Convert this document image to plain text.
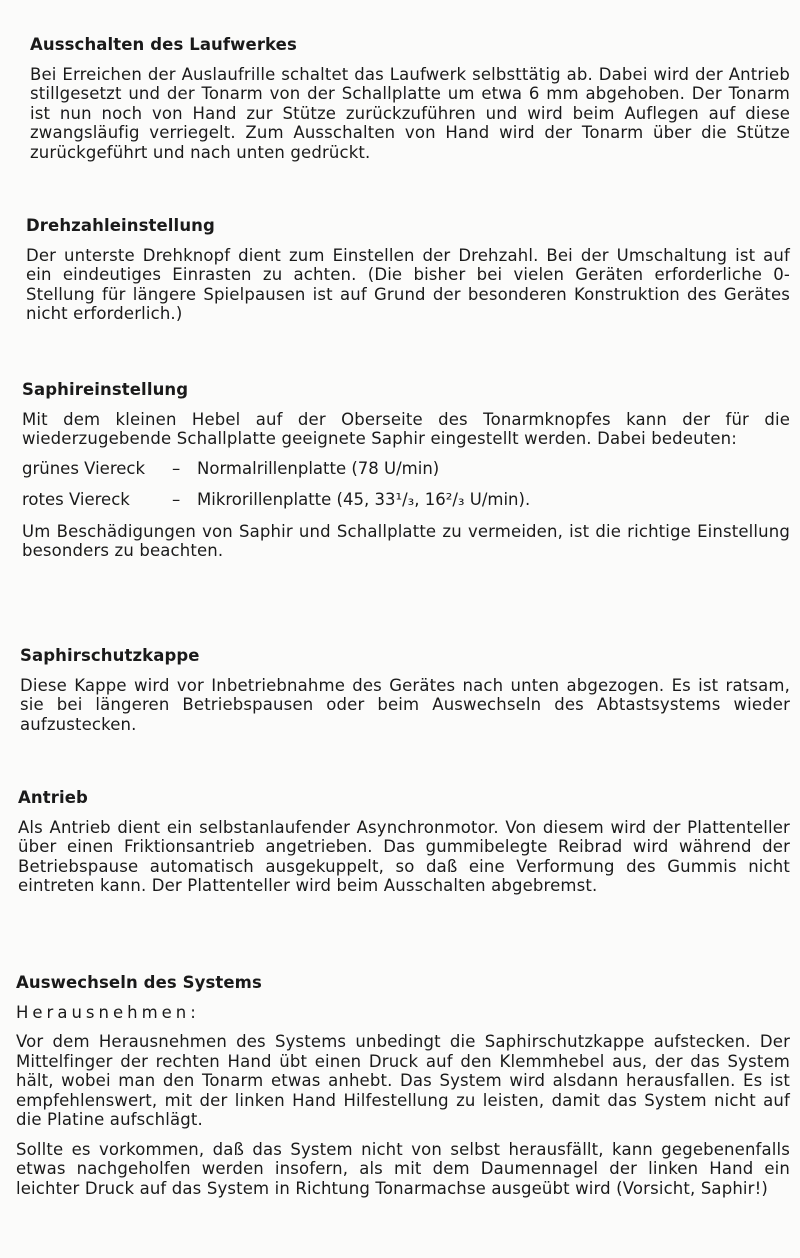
Ausschalten des Laufwerkes

Bei Erreichen der Auslaufrille schaltet das Laufwerk selbsttätig ab. Dabei wird der Antrieb stillgesetzt und der Tonarm von der Schallplatte um etwa 6 mm abgehoben. Der Tonarm ist nun noch von Hand zur Stütze zurückzuführen und wird beim Auflegen auf diese zwangsläufig verriegelt. Zum Ausschalten von Hand wird der Tonarm über die Stütze zurückgeführt und nach unten gedrückt.

Drehzahleinstellung

Der unterste Drehknopf dient zum Einstellen der Drehzahl. Bei der Umschaltung ist auf ein eindeutiges Einrasten zu achten. (Die bisher bei vielen Geräten erforderliche 0-Stellung für längere Spielpausen ist auf Grund der besonderen Konstruktion des Gerätes nicht erforderlich.)

Saphireinstellung

Mit dem kleinen Hebel auf der Oberseite des Tonarmknopfes kann der für die wiederzugebende Schallplatte geeignete Saphir eingestellt werden. Dabei bedeuten:

grünes Viereck	–	Normalrillenplatte (78 U/min)
rotes Viereck	–	Mikrorillenplatte (45, 33¹/₃, 16²/₃ U/min).

Um Beschädigungen von Saphir und Schallplatte zu vermeiden, ist die richtige Einstellung besonders zu beachten.

Saphirschutzkappe

Diese Kappe wird vor Inbetriebnahme des Gerätes nach unten abgezogen. Es ist ratsam, sie bei längeren Betriebspausen oder beim Auswechseln des Abtastsystems wieder aufzustecken.

Antrieb

Als Antrieb dient ein selbstanlaufender Asynchronmotor. Von diesem wird der Plattenteller über einen Friktionsantrieb angetrieben. Das gummibelegte Reibrad wird während der Betriebspause automatisch ausgekuppelt, so daß eine Verformung des Gummis nicht eintreten kann. Der Plattenteller wird beim Ausschalten abgebremst.

Auswechseln des Systems
Herausnehmen:

Vor dem Herausnehmen des Systems unbedingt die Saphirschutzkappe aufstecken. Der Mittelfinger der rechten Hand übt einen Druck auf den Klemmhebel aus, der das System hält, wobei man den Tonarm etwas anhebt. Das System wird alsdann herausfallen. Es ist empfehlenswert, mit der linken Hand Hilfestellung zu leisten, damit das System nicht auf die Platine aufschlägt.

Sollte es vorkommen, daß das System nicht von selbst herausfällt, kann gegebenenfalls etwas nachgeholfen werden insofern, als mit dem Daumennagel der linken Hand ein leichter Druck auf das System in Richtung Tonarmachse ausgeübt wird (Vorsicht, Saphir!)
